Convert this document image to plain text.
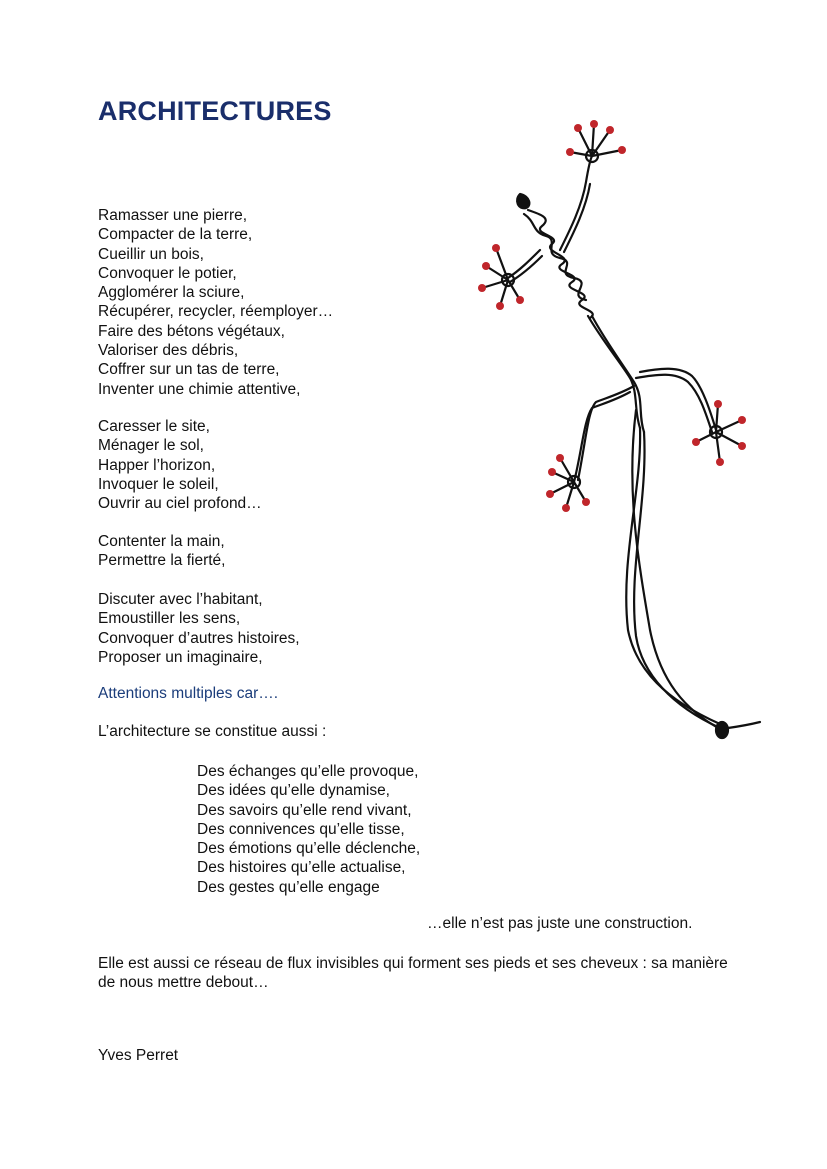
ARCHITECTURES
Ramasser une pierre,
Compacter de la terre,
Cueillir un bois,
Convoquer le potier,
Agglomérer la sciure,
Récupérer, recycler, réemployer…
Faire des bétons végétaux,
Valoriser des débris,
Coffrer sur un tas de terre,
Inventer une chimie attentive,
Caresser le site,
Ménager le sol,
Happer l’horizon,
Invoquer le soleil,
Ouvrir au ciel profond…
Contenter la main,
Permettre la fierté,
Discuter avec l’habitant,
Emoustiller les sens,
Convoquer d’autres histoires,
Proposer un imaginaire,
Attentions multiples car….
L’architecture se constitue aussi :
Des échanges qu’elle provoque,
Des idées qu’elle dynamise,
Des savoirs qu’elle rend vivant,
Des connivences qu’elle tisse,
Des émotions qu’elle déclenche,
Des histoires qu’elle actualise,
Des gestes qu’elle engage
…elle n’est pas juste une construction.

Elle est aussi ce réseau de flux invisibles qui forment ses pieds et ses cheveux : sa manière de nous mettre debout…

Yves Perret
